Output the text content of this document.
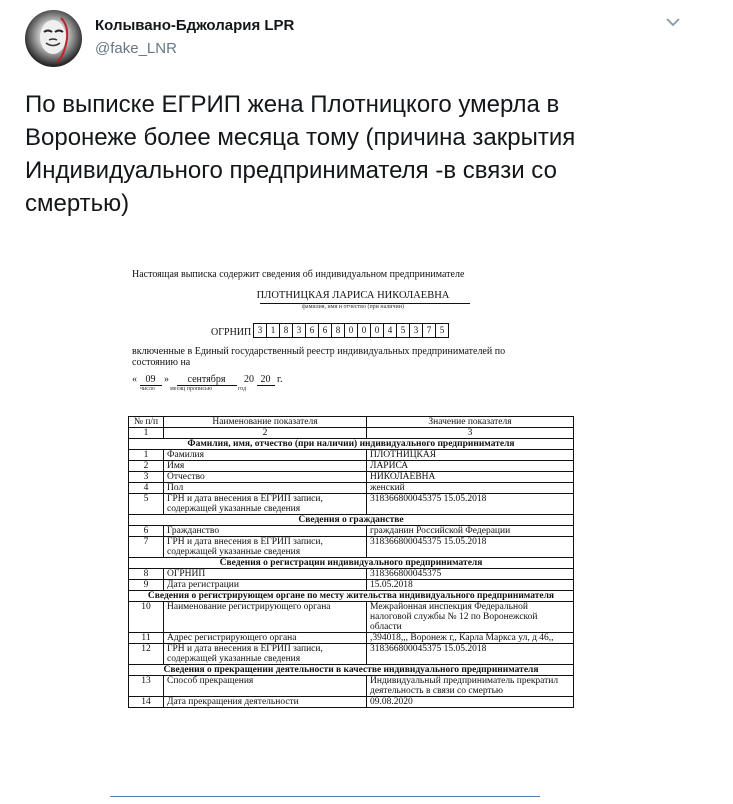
Колывано-Бджолария LPR
@fake_LNR
По выписке ЕГРИП жена Плотницкого умерла в
Воронеже более месяца тому (причина закрытия
Индивидуального предпринимателя -в связи со
смертью)
Настоящая выписка содержит сведения об индивидуальном предпринимателе
ПЛОТНИЦКАЯ ЛАРИСА НИКОЛАЕВНА
фамилия, имя и отчество (при наличии)
ОГРНИП 3 1 8 3 6 6 8 0 0 0 4 5 3 7 5
включенные в Единый государственный реестр индивидуальных предпринимателей по состоянию на
« 09 » сентября 20 20 г.
число	месяц прописью	год
№ п/п	Наименование показателя	Значение показателя
1	2	3
Фамилия, имя, отчество (при наличии) индивидуального предпринимателя		
1	Фамилия	ПЛОТНИЦКАЯ
2	Имя	ЛАРИСА
3	Отчество	НИКОЛАЕВНА
4	Пол	женский
5	ГРН и дата внесения в ЕГРИП записи, содержащей указанные сведения	318366800045375 15.05.2018
Сведения о гражданстве		
6	Гражданство	гражданин Российской Федерации
7	ГРН и дата внесения в ЕГРИП записи, содержащей указанные сведения	318366800045375 15.05.2018
Сведения о регистрации индивидуального предпринимателя		
8	ОГРНИП	318366800045375
9	Дата регистрации	15.05.2018
Сведения о регистрирующем органе по месту жительства индивидуального предпринимателя		
10	Наименование регистрирующего органа	Межрайонная инспекция Федеральной налоговой службы № 12 по Воронежской области
11	Адрес регистрирующего органа	,394018,,, Воронеж г,, Карла Маркса ул, д 46,,
12	ГРН и дата внесения в ЕГРИП записи, содержащей указанные сведения	318366800045375 15.05.2018
Сведения о прекращении деятельности в качестве индивидуального предпринимателя		
13	Способ прекращения	Индивидуальный предприниматель прекратил деятельность в связи со смертью
14	Дата прекращения деятельности	09.08.2020
